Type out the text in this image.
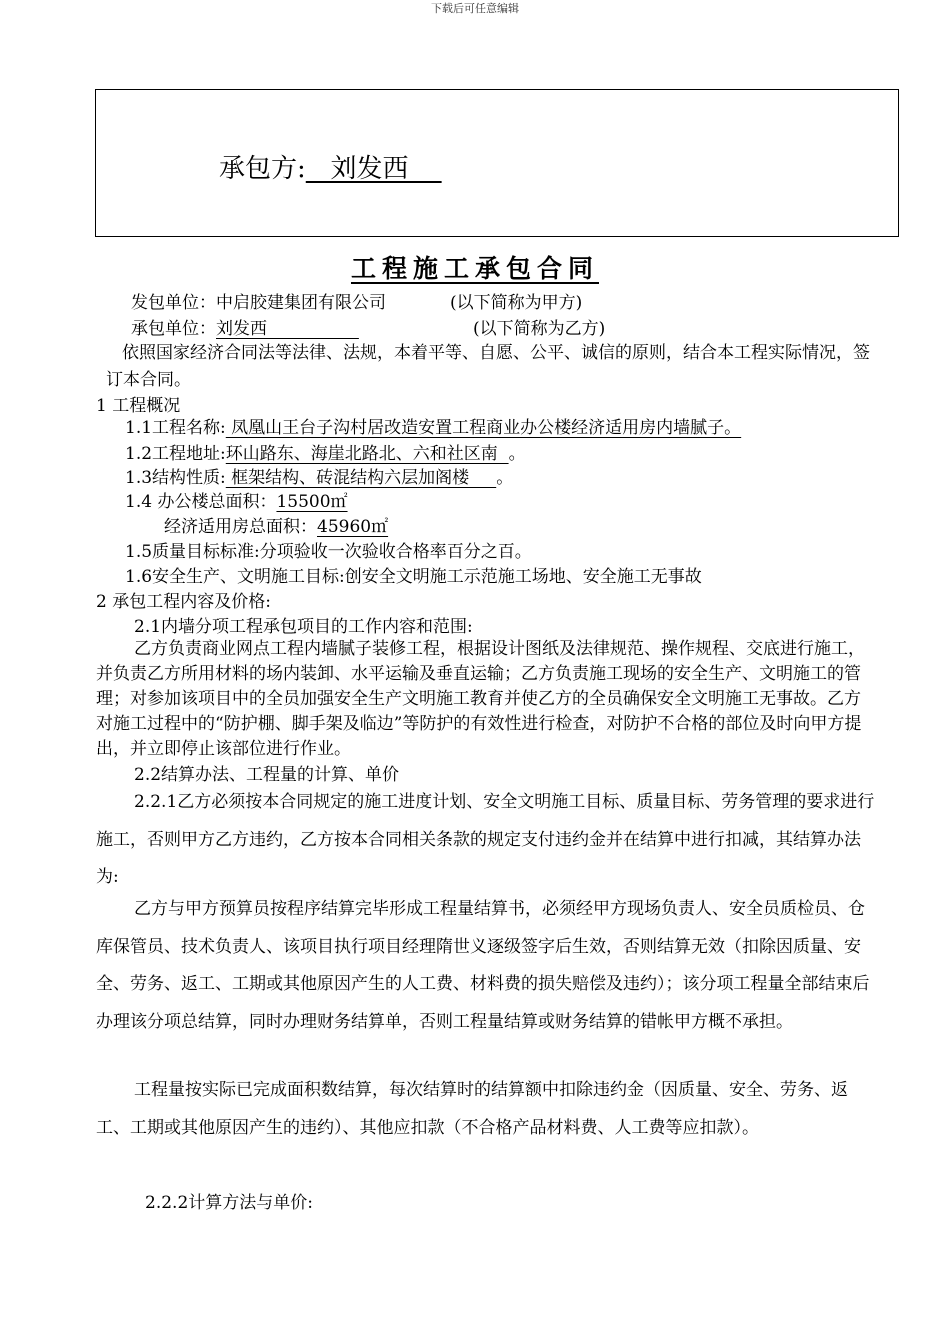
下载后可任意编辑
承包方:   刘发西
工程施工承包合同
发包单位：中启胶建集团有限公司	(以下简称为甲方)
承包单位：刘发西	(以下简称为乙方)
依照国家经济合同法等法律、法规，本着平等、自愿、公平、诚信的原则，结合本工程实际情况，签订本合同。
1 工程概况
1.1工程名称: 凤凰山王台子沟村居改造安置工程商业办公楼经济适用房内墙腻子。
1.2工程地址:环山路东、海崖北路北、六和社区南  。
1.3结构性质: 框架结构、砖混结构六层加阁楼     。
1.4 办公楼总面积：15500㎡
经济适用房总面积：45960㎡
1.5质量目标标准:分项验收一次验收合格率百分之百。
1.6安全生产、文明施工目标:创安全文明施工示范施工场地、安全施工无事故
2 承包工程内容及价格:
2.1内墙分项工程承包项目的工作内容和范围:
乙方负责商业网点工程内墙腻子装修工程，根据设计图纸及法律规范、操作规程、交底进行施工，并负责乙方所用材料的场内装卸、水平运输及垂直运输；乙方负责施工现场的安全生产、文明施工的管理；对参加该项目中的全员加强安全生产文明施工教育并使乙方的全员确保安全文明施工无事故。乙方对施工过程中的“防护棚、脚手架及临边”等防护的有效性进行检查，对防护不合格的部位及时向甲方提出，并立即停止该部位进行作业。
2.2结算办法、工程量的计算、单价
2.2.1乙方必须按本合同规定的施工进度计划、安全文明施工目标、质量目标、劳务管理的要求进行施工，否则甲方乙方违约，乙方按本合同相关条款的规定支付违约金并在结算中进行扣减，其结算办法为:
乙方与甲方预算员按程序结算完毕形成工程量结算书，必须经甲方现场负责人、安全员质检员、仓库保管员、技术负责人、该项目执行项目经理隋世义逐级签字后生效，否则结算无效（扣除因质量、安全、劳务、返工、工期或其他原因产生的人工费、材料费的损失赔偿及违约）；该分项工程量全部结束后办理该分项总结算，同时办理财务结算单，否则工程量结算或财务结算的错帐甲方概不承担。
工程量按实际已完成面积数结算，每次结算时的结算额中扣除违约金（因质量、安全、劳务、返工、工期或其他原因产生的违约）、其他应扣款（不合格产品材料费、人工费等应扣款）。
2.2.2计算方法与单价:
